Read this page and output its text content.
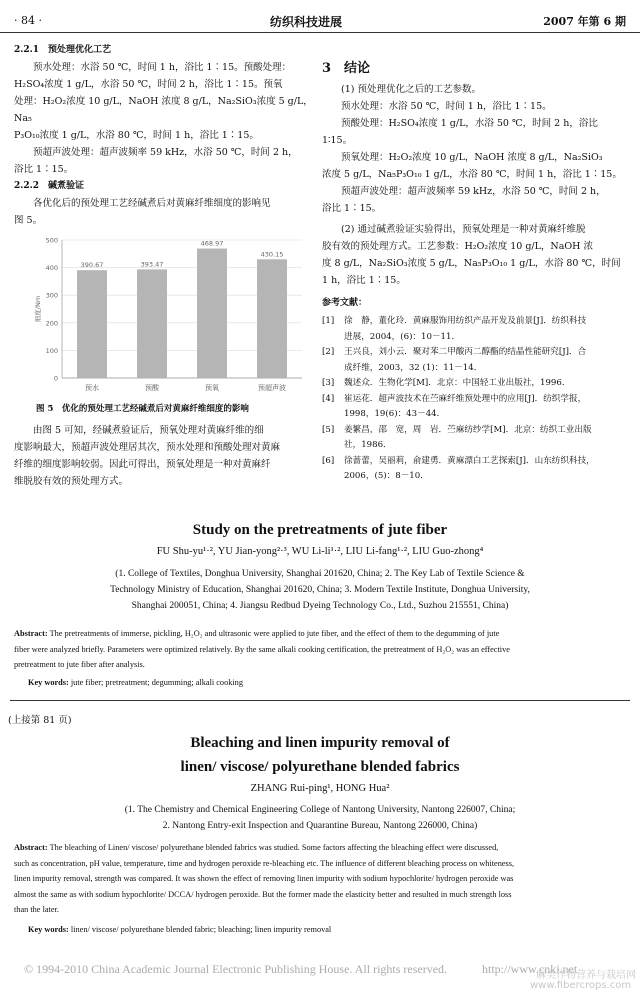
· 84 ·	纺织科技进展	2007 年第 6 期

2.2.1　预处理优化工艺

预水处理：水浴 50 ℃，时间 1 h，浴比 1∶15。预酸处理：

H₂SO₄浓度 1 g/L，水浴 50 ℃，时间 2 h，浴比 1∶15。预氧

处理：H₂O₂浓度 10 g/L，NaOH 浓度 8 g/L，Na₂SiO₃浓度 5 g/L，Na₅

P₃O₁₀浓度 1 g/L，水浴 80 ℃，时间 1 h，浴比 1∶15。

预超声波处理：超声波频率 59 kHz，水浴 50 ℃，时间 2 h，

浴比 1∶15。

2.2.2　碱煮验证

各优化后的预处理工艺经碱煮后对黄麻纤维细度的影响见

图 5。

0
100
200
300
400
500
细度/Nm
390.67
预水
393.47
预酸
468.97
预氧
430.15
预超声波
图 5　优化的预处理工艺经碱煮后对黄麻纤维细度的影响

由图 5 可知，经碱煮验证后，预氧处理对黄麻纤维的细

度影响最大，预超声波处理居其次，预水处理和预酸处理对黄麻

纤维的细度影响较弱。因此可得出，预氧处理是一种对黄麻纤

维脱胶有效的预处理方式。

3　结论

(1) 预处理优化之后的工艺参数。

预水处理：水浴 50 ℃，时间 1 h，浴比 1∶15。

预酸处理：H₂SO₄浓度 1 g/L，水浴 50 ℃，时间 2 h，浴比

1∶15。

预氧处理：H₂O₂浓度 10 g/L，NaOH 浓度 8 g/L，Na₂SiO₃

浓度 5 g/L，Na₅P₃O₁₀ 1 g/L，水浴 80 ℃，时间 1 h，浴比 1∶15。

预超声波处理：超声波频率 59 kHz，水浴 50 ℃，时间 2 h，

浴比 1∶15。

(2) 通过碱煮验证实验得出，预氧处理是一种对黄麻纤维脱

胶有效的预处理方式。工艺参数：H₂O₂浓度 10 g/L，NaOH 浓

度 8 g/L，Na₂SiO₃浓度 5 g/L，Na₅P₃O₁₀ 1 g/L，水浴 80 ℃，时间

1 h，浴比 1∶15。

参考文献：

[1]	徐　静，董化玲．黄麻服饰用纺织产品开发及前景[J]．纺织科技
进展，2004，(6)：10－11．
[2]	王兴良，刘小云．聚对苯二甲酸丙二醇酯的结晶性能研究[J]．合
成纤维，2003，32 (1)：11－14．
[3]	魏述众．生物化学[M]．北京：中国轻工业出版社，1996．
[4]	崔运花．超声波技术在苎麻纤维预处理中的应用[J]．纺织学报，
1998，19(6)：43－44．
[5]	姜繁昌，邵　宽，周　岩．苎麻纺纱学[M]．北京：纺织工业出版
社，1986．
[6]	徐蔷蕾，吴丽莉，俞建勇．黄麻漂白工艺探索[J]．山东纺织科技，
2006，(5)：8－10．
Study on the pretreatments of jute fiber
FU Shu-yu¹·², YU Jian-yong²·³, WU Li-li¹·², LIU Li-fang¹·², LIU Guo-zhong⁴
(1. College of Textiles, Donghua University, Shanghai 201620, China; 2. The Key Lab of Textile Science &
Technology Ministry of Education, Shanghai 201620, China; 3. Modern Textile Institute, Donghua University,
Shanghai 200051, China; 4. Jiangsu Redbud Dyeing Technology Co., Ltd., Suzhou 215551, China)
Abstract: The pretreatments of immerse, pickling, H₂O₂ and ultrasonic were applied to jute fiber, and the effect of them to the degumming of jute
fiber were analyzed briefly. Parameters were optimized relatively. By the same alkali cooking certification, the pretreatment of H₂O₂ was an effective
pretreatment to jute fiber after analysis.
Key words: jute fiber; pretreatment; degumming; alkali cooking
(上接第 81 页)
Bleaching and linen impurity removal of
linen/ viscose/ polyurethane blended fabrics
ZHANG Rui-ping¹, HONG Hua²
(1. The Chemistry and Chemical Engineering College of Nantong University, Nantong 226007, China;
2. Nantong Entry-exit Inspection and Quarantine Bureau, Nantong 226000, China)
Abstract: The bleaching of Linen/ viscose/ polyurethane blended fabrics was studied. Some factors affecting the bleaching effect were discussed,
such as concentration, pH value, temperature, time and hydrogen peroxide re-bleaching etc. The influence of different bleaching process on whiteness,
linen impurity removal, strength was compared. It was shown the effect of removing linen impurity with sodium hypochlorite/ hydrogen peroxide was
almost the same as with sodium hypochlorite/ DCCA/ hydrogen peroxide. But the former made the elasticity better and resulted in much strength loss
than the later.
Key words: linen/ viscose/ polyurethane blended fabric; bleaching; linen impurity removal
© 1994-2010 China Academic Journal Electronic Publishing House. All rights reserved.	http://www.cnki.net
麻类作物营养与栽培网
www.fibercrops.com
